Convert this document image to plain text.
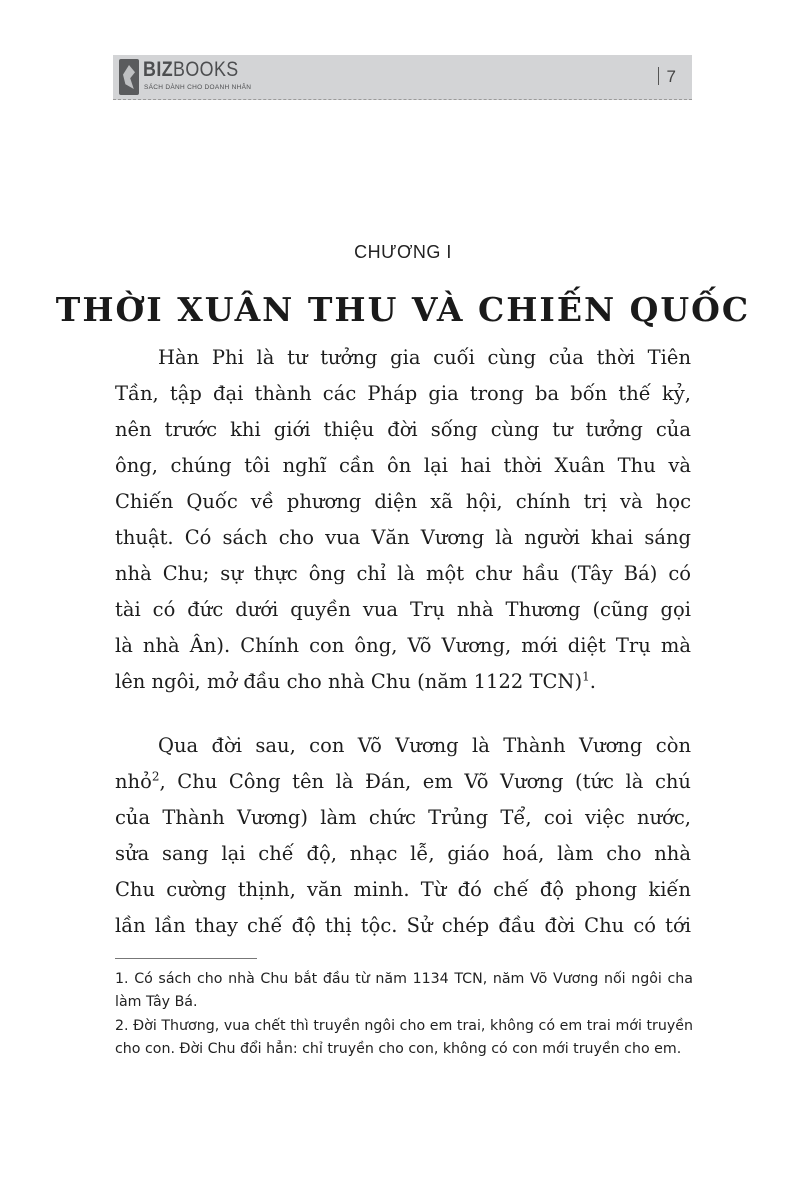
BIZBOOKS
SÁCH DÀNH CHO DOANH NHÂN
7
CHƯƠNG I
THỜI XUÂN THU VÀ CHIẾN QUỐC
Hàn Phi là tư tưởng gia cuối cùng của thời Tiên
Tần, tập đại thành các Pháp gia trong ba bốn thế kỷ,
nên trước khi giới thiệu đời sống cùng tư tưởng của
ông, chúng tôi nghĩ cần ôn lại hai thời Xuân Thu và
Chiến Quốc về phương diện xã hội, chính trị và học
thuật. Có sách cho vua Văn Vương là người khai sáng
nhà Chu; sự thực ông chỉ là một chư hầu (Tây Bá) có
tài có đức dưới quyền vua Trụ nhà Thương (cũng gọi
là nhà Ân). Chính con ông, Võ Vương, mới diệt Trụ mà
lên ngôi, mở đầu cho nhà Chu (năm 1122 TCN)$^1$.
Qua đời sau, con Võ Vương là Thành Vương còn
nhỏ$^2$, Chu Công tên là Đán, em Võ Vương (tức là chú
của Thành Vương) làm chức Trủng Tể, coi việc nước,
sửa sang lại chế độ, nhạc lễ, giáo hoá, làm cho nhà
Chu cường thịnh, văn minh. Từ đó chế độ phong kiến
lần lần thay chế độ thị tộc. Sử chép đầu đời Chu có tới
1. Có sách cho nhà Chu bắt đầu từ năm 1134 TCN, năm Võ Vương nối ngôi cha làm Tây Bá.
2. Đời Thương, vua chết thì truyền ngôi cho em trai, không có em trai mới truyền cho con. Đời Chu đổi hẳn: chỉ truyền cho con, không có con mới truyền cho em.
